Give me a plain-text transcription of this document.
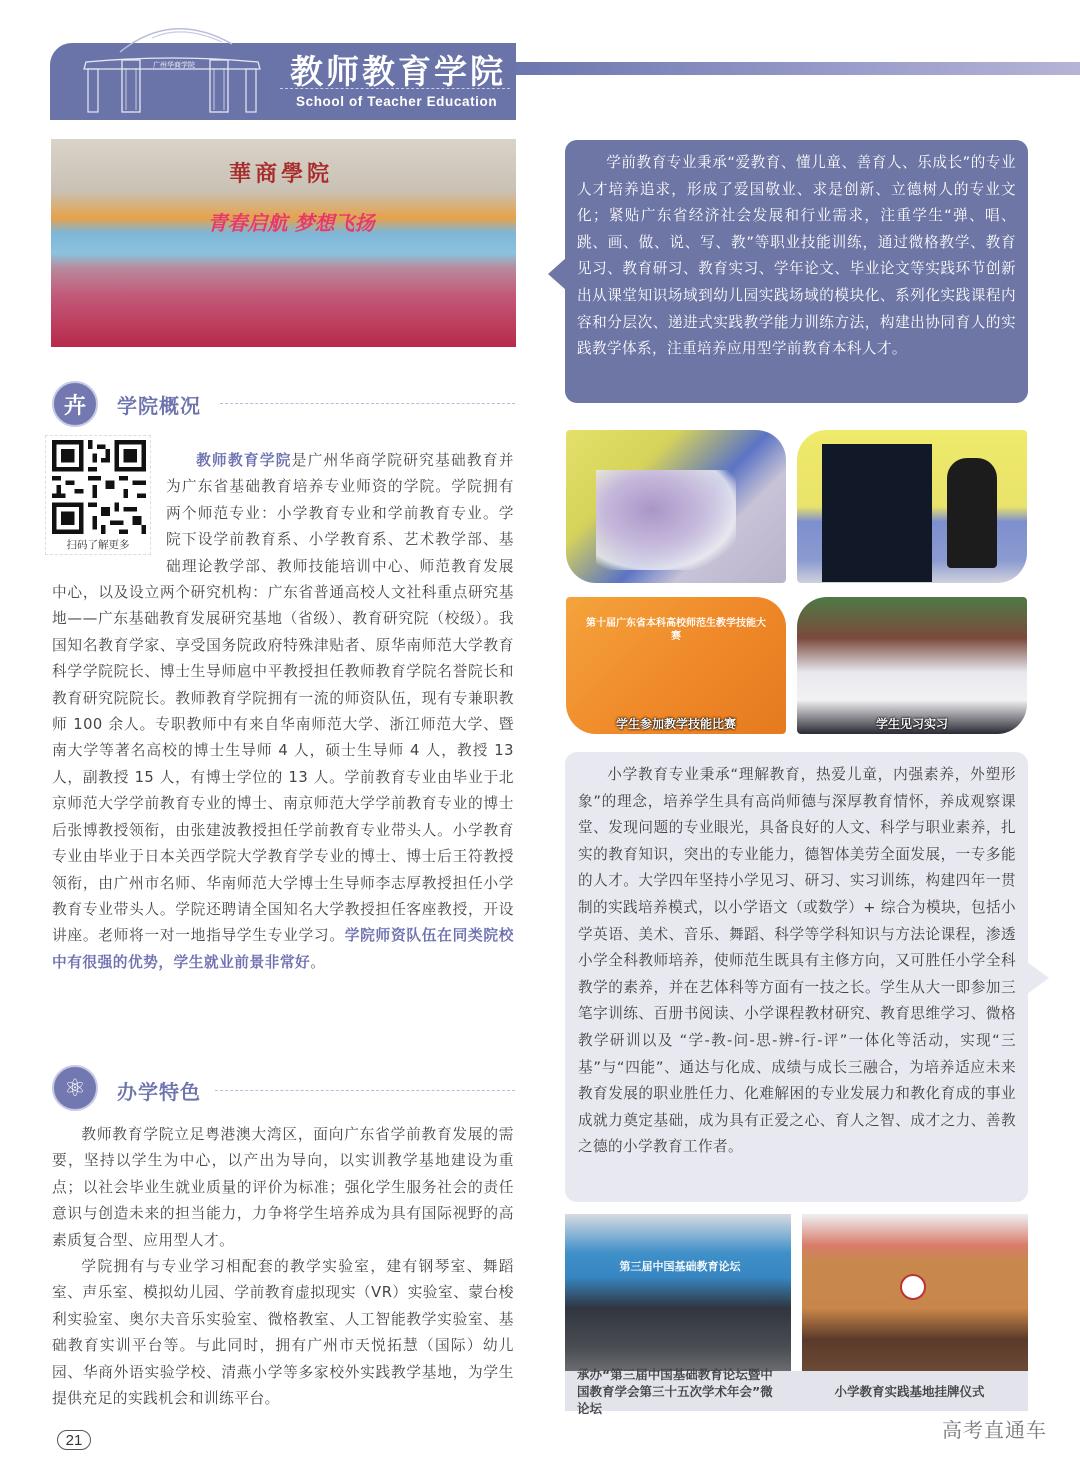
广州华商学院	教师教育学院
School of Teacher Education
華商學院
青春启航 梦想飞扬

学前教育专业秉承“爱教育、懂儿童、善育人、乐成长”的专业人才培养追求，形成了爱国敬业、求是创新、立德树人的专业文化；紧贴广东省经济社会发展和行业需求，注重学生“弹、唱、跳、画、做、说、写、教”等职业技能训练，通过微格教学、教育见习、教育研习、教育实习、学年论文、毕业论文等实践环节创新出从课堂知识场域到幼儿园实践场域的模块化、系列化实践课程内容和分层次、递进式实践教学能力训练方法，构建出协同育人的实践教学体系，注重培养应用型学前教育本科人才。

卉	学院概况
扫码了解更多
教师教育学院是广州华商学院研究基础教育并为广东省基础教育培养专业师资的学院。学院拥有两个师范专业：小学教育专业和学前教育专业。学院下设学前教育系、小学教育系、艺术教学部、基础理论教学部、教师技能培训中心、师范教育发展中心，以及设立两个研究机构：广东省普通高校人文社科重点研究基地——广东基础教育发展研究基地（省级）、教育研究院（校级）。我国知名教育学家、享受国务院政府特殊津贴者、原华南师范大学教育科学学院院长、博士生导师扈中平教授担任教师教育学院名誉院长和教育研究院院长。教师教育学院拥有一流的师资队伍，现有专兼职教师 100 余人。专职教师中有来自华南师范大学、浙江师范大学、暨南大学等著名高校的博士生导师 4 人，硕士生导师 4 人，教授 13 人，副教授 15 人，有博士学位的 13 人。学前教育专业由毕业于北京师范大学学前教育专业的博士、南京师范大学学前教育专业的博士后张博教授领衔，由张建波教授担任学前教育专业带头人。小学教育专业由毕业于日本关西学院大学教育学专业的博士、博士后王符教授领衔，由广州市名师、华南师范大学博士生导师李志厚教授担任小学教育专业带头人。学院还聘请全国知名大学教授担任客座教授，开设讲座。老师将一对一地指导学生专业学习。学院师资队伍在同类院校中有很强的优势，学生就业前景非常好。
⚛	办学特色

教师教育学院立足粤港澳大湾区，面向广东省学前教育发展的需要，坚持以学生为中心，以产出为导向，以实训教学基地建设为重点；以社会毕业生就业质量的评价为标准；强化学生服务社会的责任意识与创造未来的担当能力，力争将学生培养成为具有国际视野的高素质复合型、应用型人才。

学院拥有与专业学习相配套的教学实验室，建有钢琴室、舞蹈室、声乐室、模拟幼儿园、学前教育虚拟现实（VR）实验室、蒙台梭利实验室、奥尔夫音乐实验室、微格教室、人工智能教学实验室、基础教育实训平台等。与此同时，拥有广州市天悦拓慧（国际）幼儿园、华商外语实验学校、清燕小学等多家校外实践教学基地，为学生提供充足的实践机会和训练平台。

第十届广东省本科高校师范生教学技能大赛
学生参加教学技能比赛	学生见习实习

小学教育专业秉承“理解教育，热爱儿童，内强素养，外塑形象”的理念，培养学生具有高尚师德与深厚教育情怀，养成观察课堂、发现问题的专业眼光，具备良好的人文、科学与职业素养，扎实的教育知识，突出的专业能力，德智体美劳全面发展，一专多能的人才。大学四年坚持小学见习、研习、实习训练，构建四年一贯制的实践培养模式，以小学语文（或数学）+ 综合为模块，包括小学英语、美术、音乐、舞蹈、科学等学科知识与方法论课程，渗透小学全科教师培养，使师范生既具有主修方向，又可胜任小学全科教学的素养，并在艺体科等方面有一技之长。学生从大一即参加三笔字训练、百册书阅读、小学课程教材研究、教育思维学习、微格教学研训以及 “学-教-问-思-辨-行-评”一体化等活动，实现“三基”与“四能”、通达与化成、成绩与成长三融合，为培养适应未来教育发展的职业胜任力、化难解困的专业发展力和教化育成的事业成就力奠定基础，成为具有正爱之心、育人之智、成才之力、善教之德的小学教育工作者。

第三届中国基础教育论坛
承办“第三届中国基础教育论坛暨中国教育学会第三十五次学术年会”微论坛
小学教育实践基地挂牌仪式
21	高考直通车
